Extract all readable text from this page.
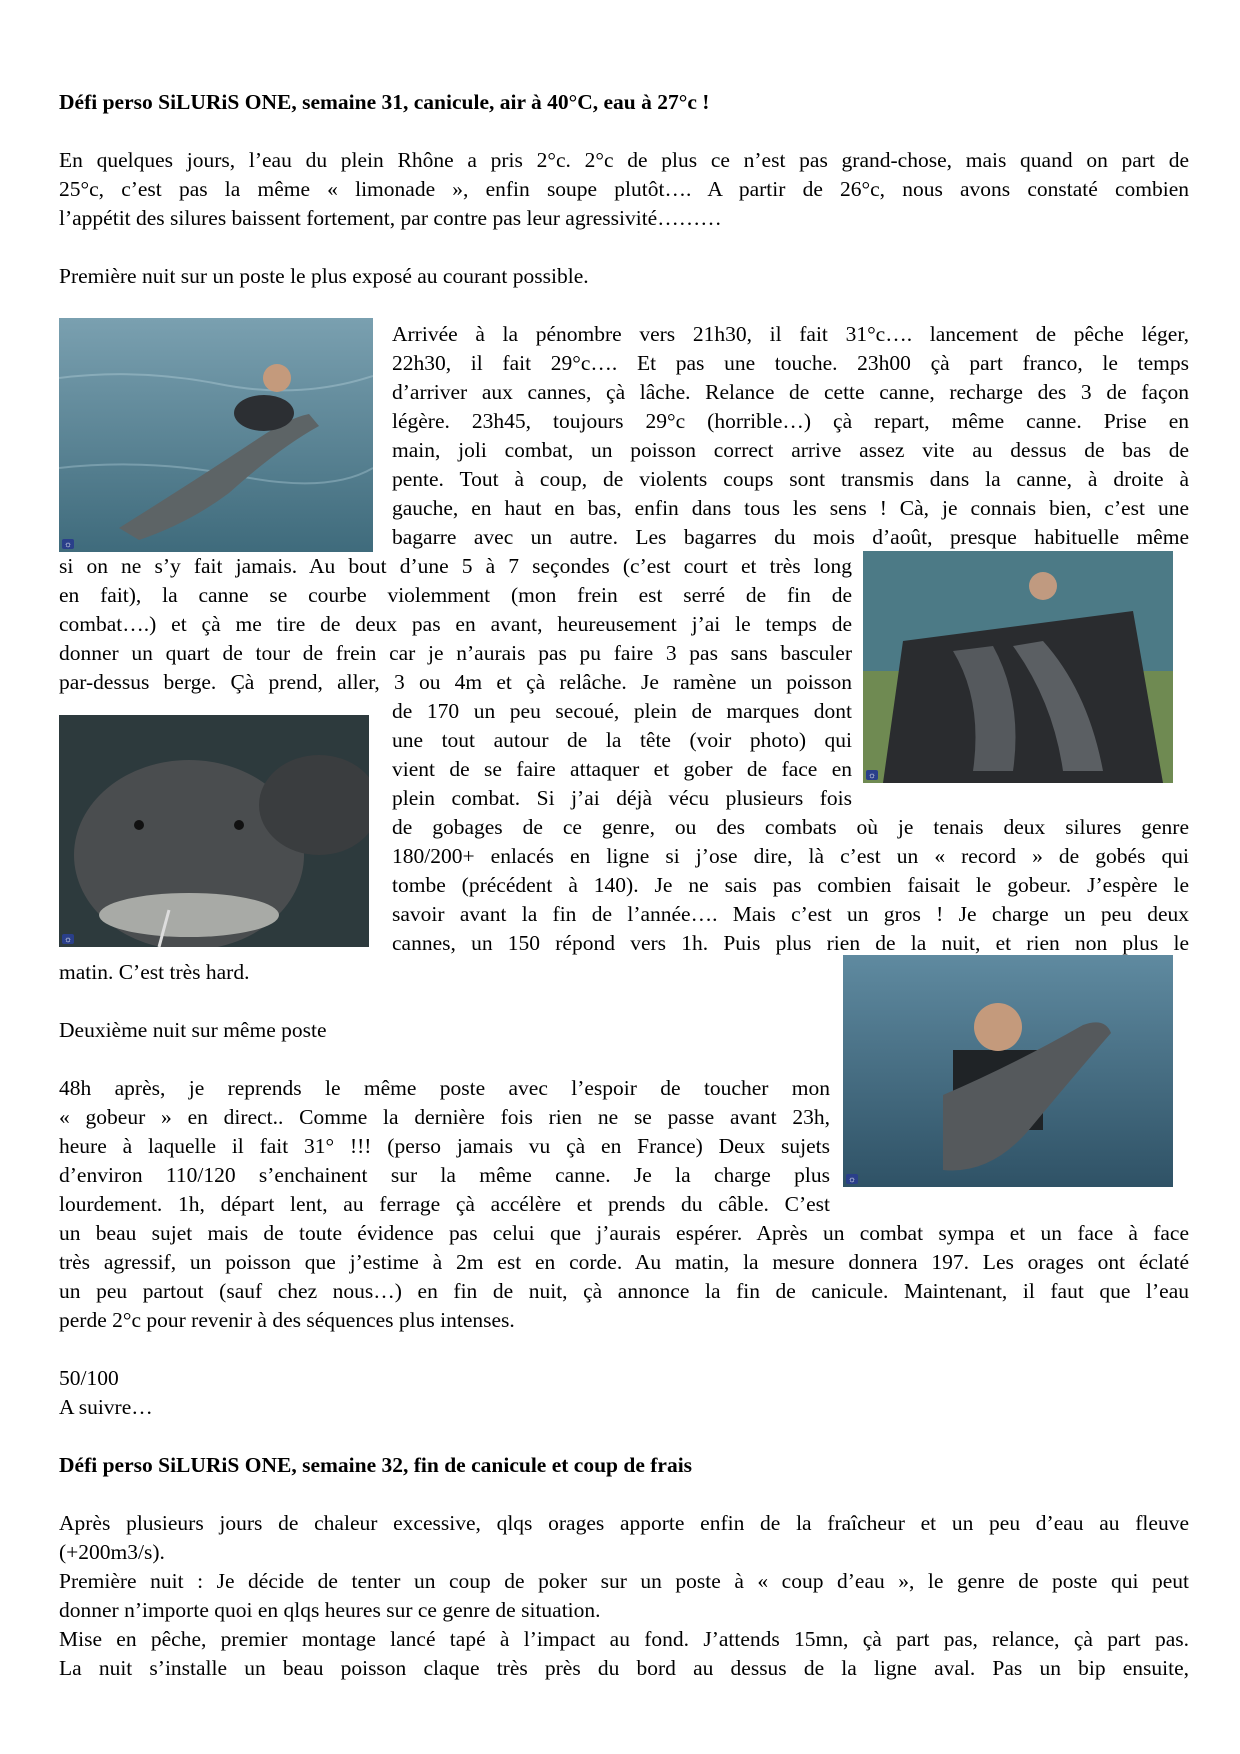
Défi perso SiLURiS ONE, semaine 31, canicule, air à 40°C, eau à 27°c !
En quelques jours, l’eau du plein Rhône a pris 2°c. 2°c de plus ce n’est pas grand-chose, mais quand on part de
25°c, c’est pas la même « limonade », enfin soupe plutôt…. A partir de 26°c, nous avons constaté combien
l’appétit des silures baissent fortement, par contre pas leur agressivité………
Première nuit sur un poste le plus exposé au courant possible.
Arrivée à la pénombre vers 21h30, il fait 31°c…. lancement de pêche léger,
22h30, il fait 29°c…. Et pas une touche. 23h00 çà part franco, le temps
d’arriver aux cannes, çà lâche. Relance de cette canne, recharge des 3 de façon
légère. 23h45, toujours 29°c (horrible…) çà repart, même canne. Prise en
main, joli combat, un poisson correct arrive assez vite au dessus de bas de
pente. Tout à coup, de violents coups sont transmis dans la canne, à droite à
gauche, en haut en bas, enfin dans tous les sens ! Cà, je connais bien, c’est une
bagarre avec un autre. Les bagarres du mois d’août, presque habituelle même
si on ne s’y fait jamais. Au bout d’une 5 à 7 seçondes (c’est court et très long
en fait), la canne se courbe violemment (mon frein est serré de fin de
combat….) et çà me tire de deux pas en avant, heureusement j’ai le temps de
donner un quart de tour de frein car je n’aurais pas pu faire 3 pas sans basculer
par-dessus berge. Çà prend, aller, 3 ou 4m et çà relâche. Je ramène un poisson
de 170 un peu secoué, plein de marques dont
une tout autour de la tête (voir photo) qui
vient de se faire attaquer et gober de face en
plein combat. Si j’ai déjà vécu plusieurs fois
de gobages de ce genre, ou des combats où je tenais deux silures genre
180/200+ enlacés en ligne si j’ose dire, là c’est un « record » de gobés qui
tombe (précédent à 140). Je ne sais pas combien faisait le gobeur. J’espère le
savoir avant la fin de l’année…. Mais c’est un gros ! Je charge un peu deux
cannes, un 150 répond vers 1h. Puis plus rien de la nuit, et rien non plus le
matin. C’est très hard.
Deuxième nuit sur même poste
48h après, je reprends le même poste avec l’espoir de toucher mon
« gobeur » en direct.. Comme la dernière fois rien ne se passe avant 23h,
heure à laquelle il fait 31° !!! (perso jamais vu çà en France) Deux sujets
d’environ 110/120 s’enchainent sur la même canne. Je la charge plus
lourdement. 1h, départ lent, au ferrage çà accélère et prends du câble. C’est
un beau sujet mais de toute évidence pas celui que j’aurais espérer. Après un combat sympa et un face à face
très agressif, un poisson que j’estime à 2m est en corde. Au matin, la mesure donnera 197. Les orages ont éclaté
un peu partout (sauf chez nous…) en fin de nuit, çà annonce la fin de canicule. Maintenant, il faut que l’eau
perde 2°c pour revenir à des séquences plus intenses.
50/100
A suivre…
Défi perso SiLURiS ONE, semaine 32, fin de canicule et coup de frais
Après plusieurs jours de chaleur excessive, qlqs orages apporte enfin de la fraîcheur et un peu d’eau au fleuve
(+200m3/s).
Première nuit : Je décide de tenter un coup de poker sur un poste à « coup d’eau », le genre de poste qui peut
donner n’importe quoi en qlqs heures sur ce genre de situation.
Mise en pêche, premier montage lancé tapé à l’impact au fond. J’attends 15mn, çà part pas, relance, çà part pas.
La nuit s’installe un beau poisson claque très près du bord au dessus de la ligne aval. Pas un bip ensuite,
☼
☼
☼
☼
